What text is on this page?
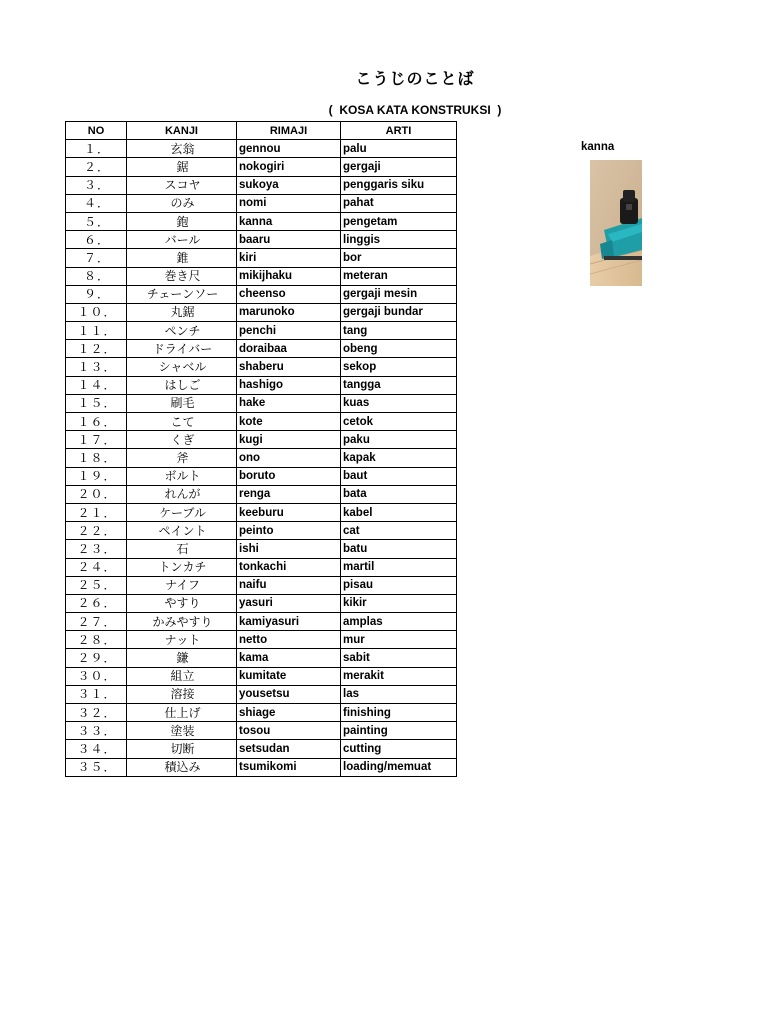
こうじのことば
(  KOSA KATA KONSTRUKSI  )
NO	KANJI	RIMAJI	ARTI
１．	玄翁	gennou	palu
２．	鋸	nokogiri	gergaji
３．	スコヤ	sukoya	penggaris siku
４．	のみ	nomi	pahat
５．	鉋	kanna	pengetam
６．	バール	baaru	linggis
７．	錐	kiri	bor
８．	巻き尺	mikijhaku	meteran
９．	チェーンソー	cheenso	gergaji mesin
１０．	丸鋸	marunoko	gergaji bundar
１１．	ペンチ	penchi	tang
１２．	ドライバー	doraibaa	obeng
１３．	シャベル	shaberu	sekop
１４．	はしご	hashigo	tangga
１５．	刷毛	hake	kuas
１６．	こて	kote	cetok
１７．	くぎ	kugi	paku
１８．	斧	ono	kapak
１９．	ボルト	boruto	baut
２０．	れんが	renga	bata
２１．	ケーブル	keeburu	kabel
２２．	ペイント	peinto	cat
２３．	石	ishi	batu
２４．	トンカチ	tonkachi	martil
２５．	ナイフ	naifu	pisau
２６．	やすり	yasuri	kikir
２７．	かみやすり	kamiyasuri	amplas
２８．	ナット	netto	mur
２９．	鎌	kama	sabit
３０．	組立	kumitate	merakit
３１．	溶接	yousetsu	las
３２．	仕上げ	shiage	finishing
３３．	塗装	tosou	painting
３４．	切断	setsudan	cutting
３５．	積込み	tsumikomi	loading/memuat
kanna
